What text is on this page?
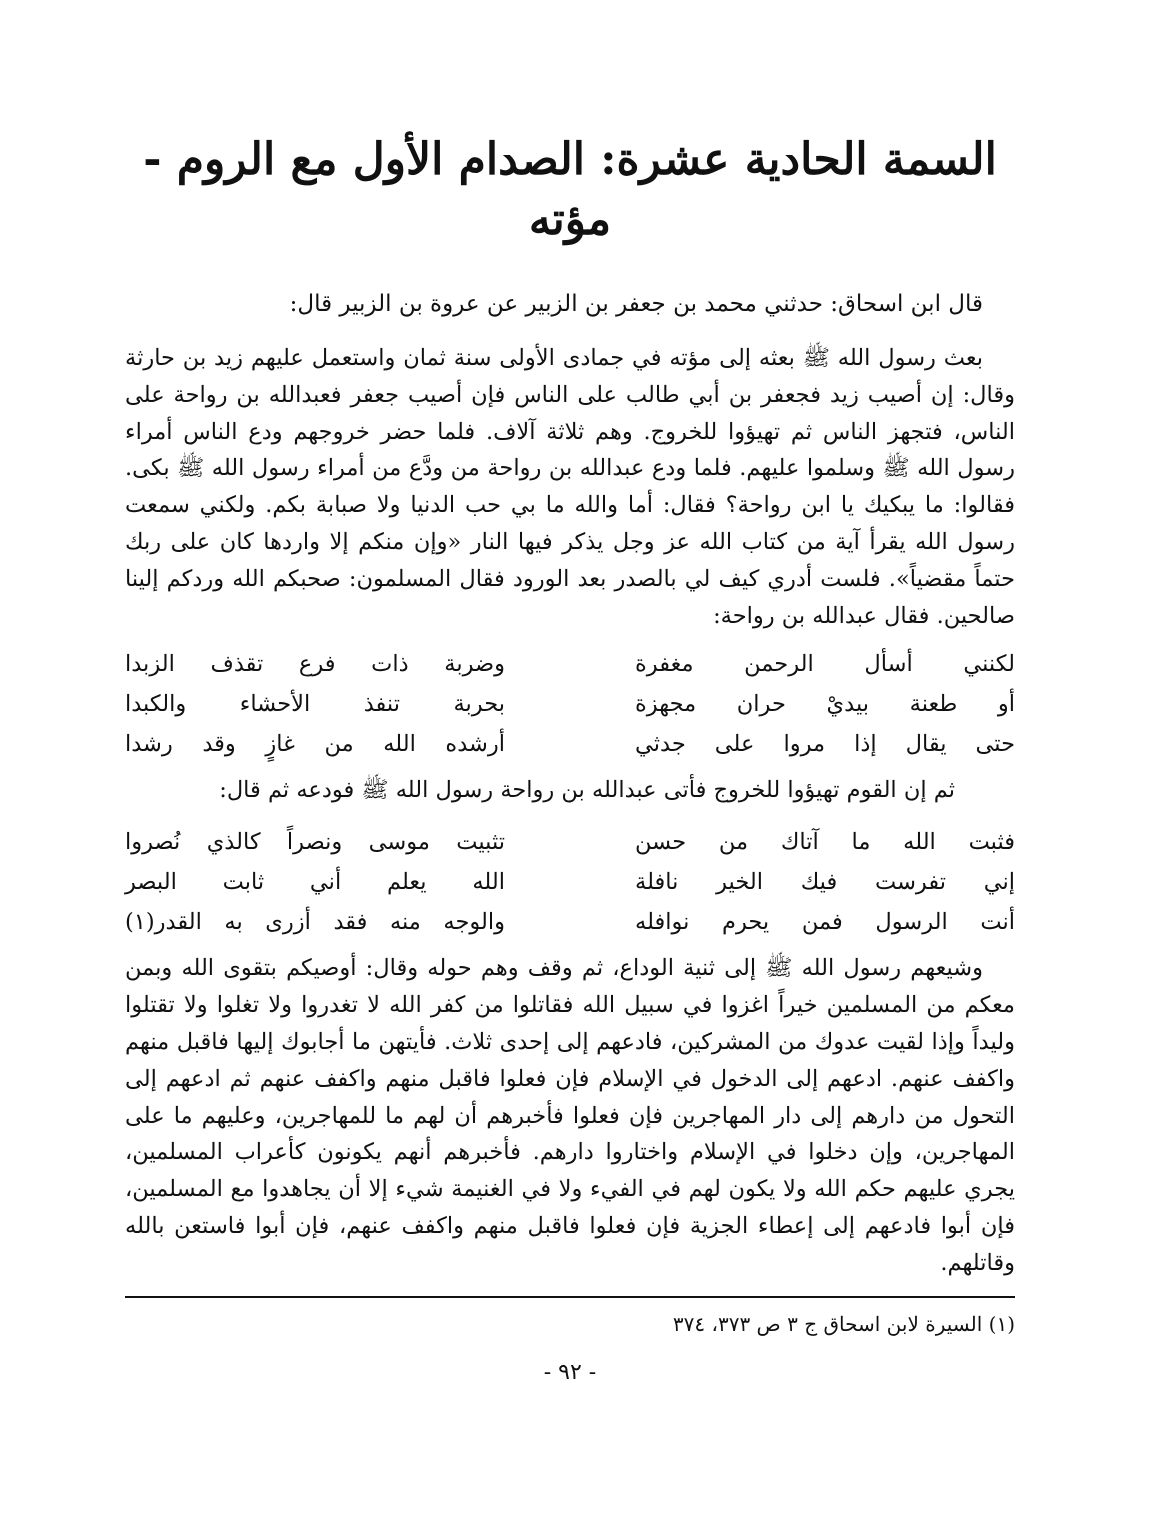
السمة الحادية عشرة: الصدام الأول مع الروم - مؤته
قال ابن اسحاق: حدثني محمد بن جعفر بن الزبير عن عروة بن الزبير قال:

بعث رسول الله ﷺ بعثه إلى مؤته في جمادى الأولى سنة ثمان واستعمل عليهم زيد بن حارثة وقال: إن أصيب زيد فجعفر بن أبي طالب على الناس فإن أصيب جعفر فعبدالله بن رواحة على الناس، فتجهز الناس ثم تهيؤوا للخروج. وهم ثلاثة آلاف. فلما حضر خروجهم ودع الناس أمراء رسول الله ﷺ وسلموا عليهم. فلما ودع عبدالله بن رواحة من ودَّع من أمراء رسول الله ﷺ بكى. فقالوا: ما يبكيك يا ابن رواحة؟ فقال: أما والله ما بي حب الدنيا ولا صبابة بكم. ولكني سمعت رسول الله يقرأ آية من كتاب الله عز وجل يذكر فيها النار «وإن منكم إلا واردها كان على ربك حتماً مقضياً». فلست أدري كيف لي بالصدر بعد الورود فقال المسلمون: صحبكم الله وردكم إلينا صالحين. فقال عبدالله بن رواحة:

لكنني أسأل الرحمن مغفرة
وضربة ذات فرع تقذف الزبدا
أو طعنة بيديْ حران مجهزة
بحربة تنفذ الأحشاء والكبدا
حتى يقال إذا مروا على جدثي
أرشده الله من غازٍ وقد رشدا
ثم إن القوم تهيؤوا للخروج فأتى عبدالله بن رواحة رسول الله ﷺ فودعه ثم قال:
فثبت الله ما آتاك من حسن
تثبيت موسى ونصراً كالذي نُصروا
إني تفرست فيك الخير نافلة
الله يعلم أني ثابت البصر
أنت الرسول فمن يحرم نوافله
والوجه منه فقد أزرى به القدر(١)

وشيعهم رسول الله ﷺ إلى ثنية الوداع، ثم وقف وهم حوله وقال: أوصيكم بتقوى الله وبمن معكم من المسلمين خيراً اغزوا في سبيل الله فقاتلوا من كفر الله لا تغدروا ولا تغلوا ولا تقتلوا وليداً وإذا لقيت عدوك من المشركين، فادعهم إلى إحدى ثلاث. فأيتهن ما أجابوك إليها فاقبل منهم واكفف عنهم. ادعهم إلى الدخول في الإسلام فإن فعلوا فاقبل منهم واكفف عنهم ثم ادعهم إلى التحول من دارهم إلى دار المهاجرين فإن فعلوا فأخبرهم أن لهم ما للمهاجرين، وعليهم ما على المهاجرين، وإن دخلوا في الإسلام واختاروا دارهم. فأخبرهم أنهم يكونون كأعراب المسلمين، يجري عليهم حكم الله ولا يكون لهم في الفيء ولا في الغنيمة شيء إلا أن يجاهدوا مع المسلمين، فإن أبوا فادعهم إلى إعطاء الجزية فإن فعلوا فاقبل منهم واكفف عنهم، فإن أبوا فاستعن بالله وقاتلهم.

(١) السيرة لابن اسحاق ج ٣ ص ٣٧٣، ٣٧٤
- ٩٢ -
